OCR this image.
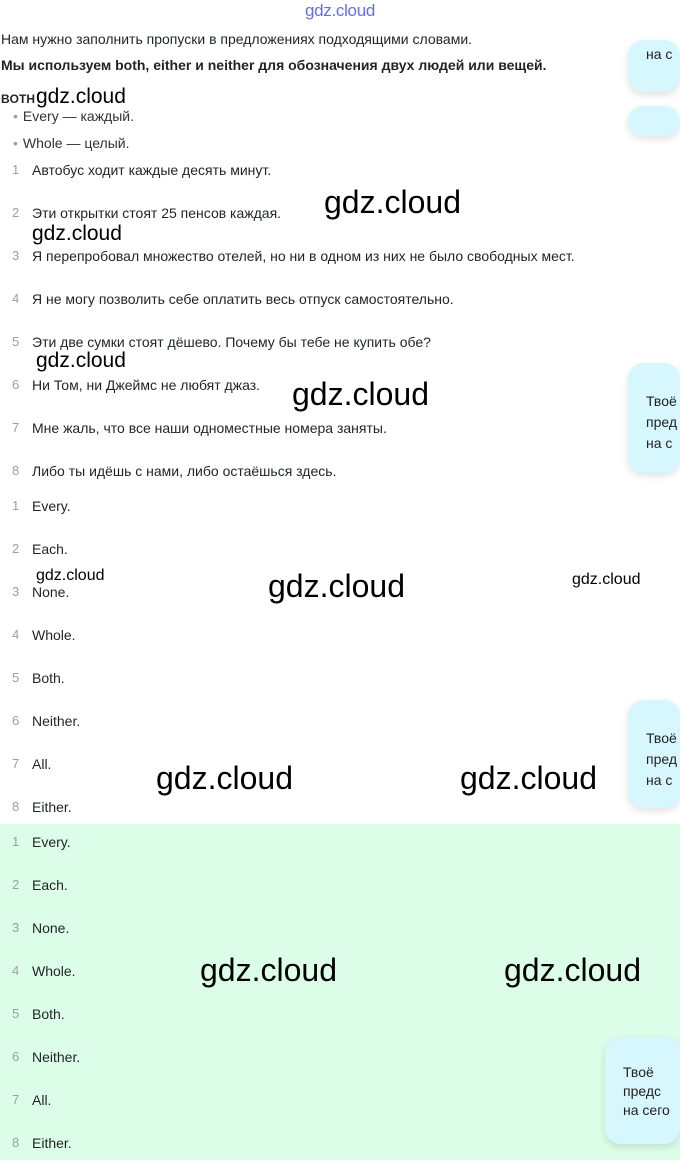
gdz.cloud
Нам нужно заполнить пропуски в предложениях подходящими словами.
Мы используем both, either и neither для обозначения двух людей или вещей.
BOTH
• Every — каждый.
• Whole — целый.
1 Автобус ходит каждые десять минут.
2 Эти открытки стоят 25 пенсов каждая.
3 Я перепробовал множество отелей, но ни в одном из них не было свободных мест.
4 Я не могу позволить себе оплатить весь отпуск самостоятельно.
5 Эти две сумки стоят дёшево. Почему бы тебе не купить обе?
6 Ни Том, ни Джеймс не любят джаз.
7 Мне жаль, что все наши одноместные номера заняты.
8 Либо ты идёшь с нами, либо остаёшься здесь.
1 Every.
2 Each.
3 None.
4 Whole.
5 Both.
6 Neither.
7 All.
8 Either.
1 Every.
2 Each.
3 None.
4 Whole.
5 Both.
6 Neither.
7 All.
8 Either.
на с
Твоё
пред
на с
Твоё
пред
на с
Твоё
предс
на сего
gdz.cloud
gdz.cloud
gdz.cloud
gdz.cloud
gdz.cloud
gdz.cloud	gdz.cloud	gdz.cloud
gdz.cloud	gdz.cloud
gdz.cloud	gdz.cloud
